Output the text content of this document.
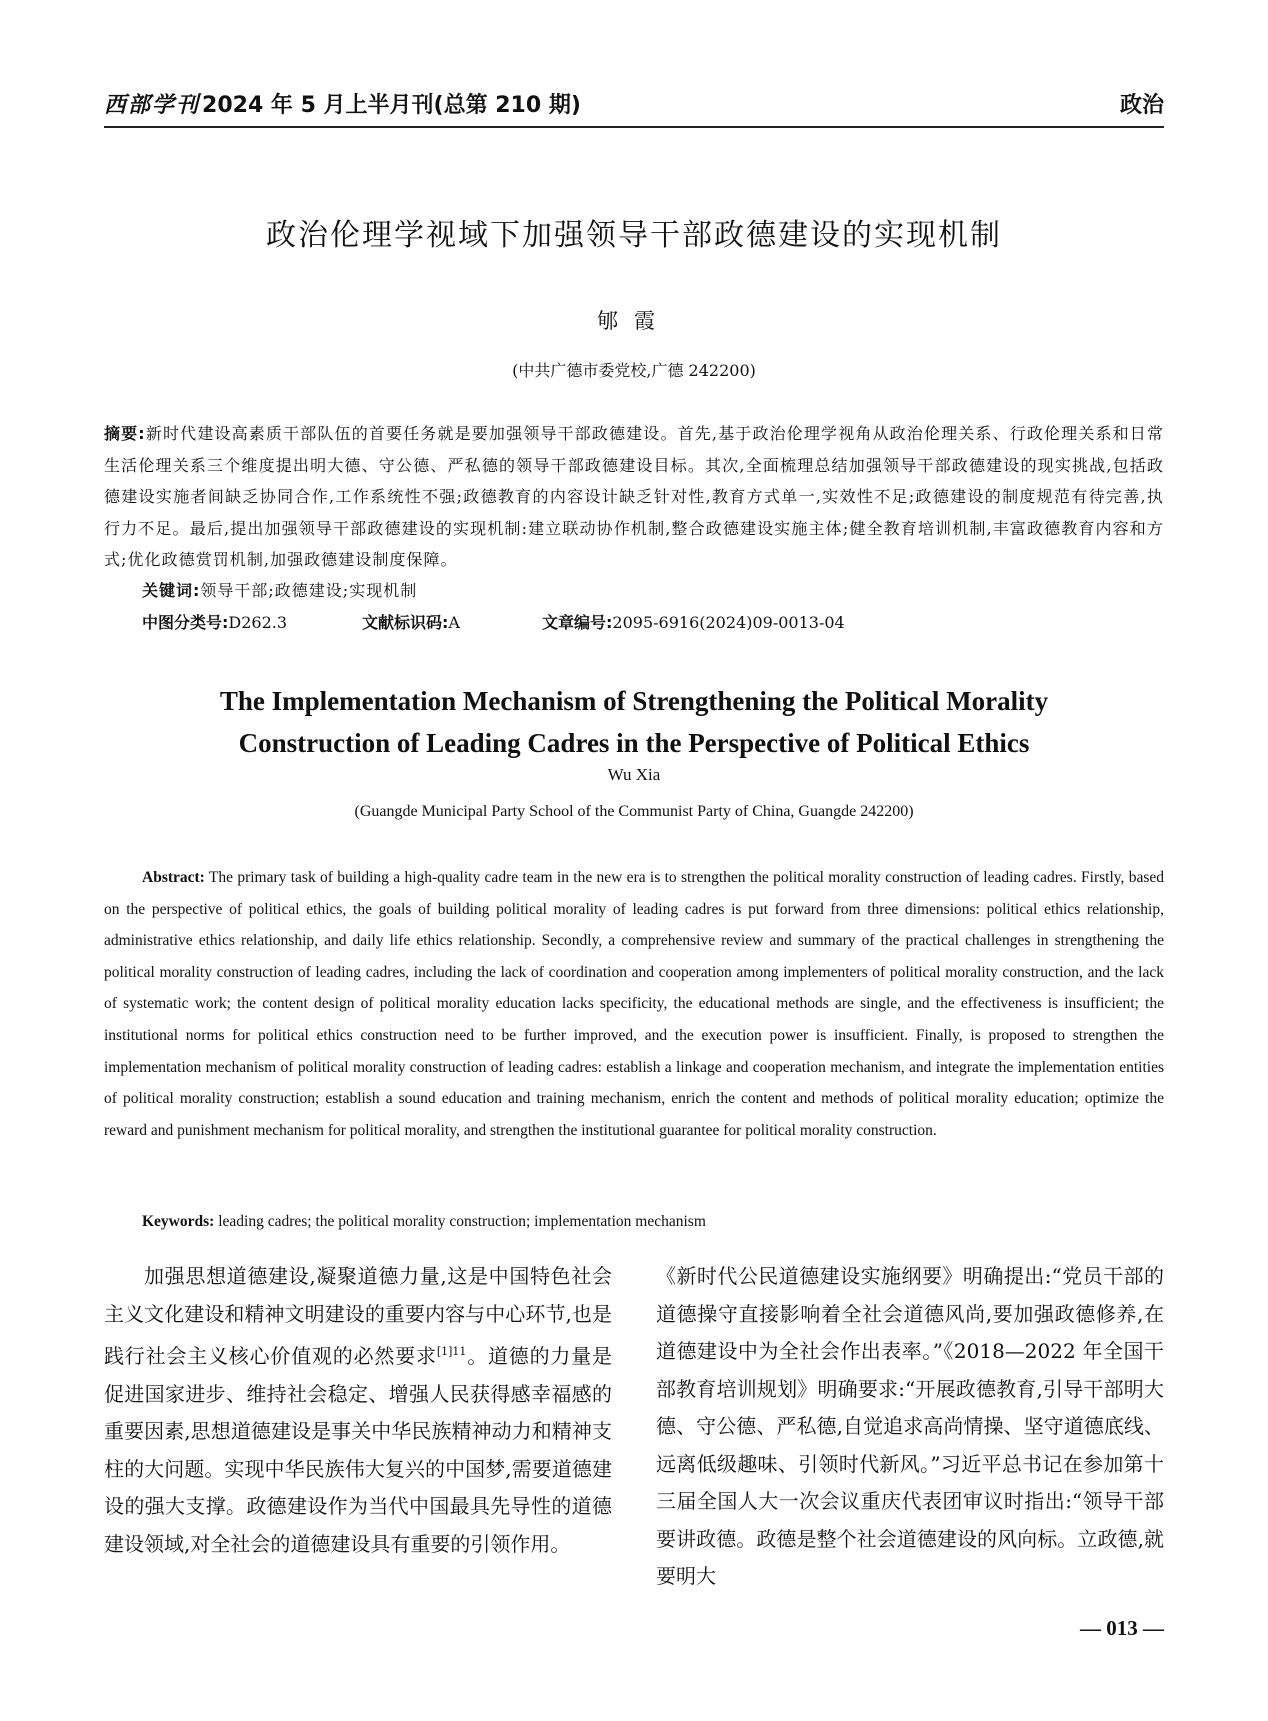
西部学刊2024 年 5 月上半月刊(总第 210 期)	政治
政治伦理学视域下加强领导干部政德建设的实现机制
郇霞
(中共广德市委党校,广德 242200)
摘要:新时代建设高素质干部队伍的首要任务就是要加强领导干部政德建设。首先,基于政治伦理学视角从政治伦理关系、行政伦理关系和日常生活伦理关系三个维度提出明大德、守公德、严私德的领导干部政德建设目标。其次,全面梳理总结加强领导干部政德建设的现实挑战,包括政德建设实施者间缺乏协同合作,工作系统性不强;政德教育的内容设计缺乏针对性,教育方式单一,实效性不足;政德建设的制度规范有待完善,执行力不足。最后,提出加强领导干部政德建设的实现机制:建立联动协作机制,整合政德建设实施主体;健全教育培训机制,丰富政德教育内容和方式;优化政德赏罚机制,加强政德建设制度保障。
关键词:领导干部;政德建设;实现机制
中图分类号:D262.3	文献标识码:A	文章编号:2095-6916(2024)09-0013-04
The Implementation Mechanism of Strengthening the Political Morality
Construction of Leading Cadres in the Perspective of Political Ethics
Wu Xia
(Guangde Municipal Party School of the Communist Party of China, Guangde 242200)
Abstract: The primary task of building a high-quality cadre team in the new era is to strengthen the political morality construction of leading cadres. Firstly, based on the perspective of political ethics, the goals of building political morality of leading cadres is put forward from three dimensions: political ethics relationship, administrative ethics relationship, and daily life ethics relationship. Secondly, a comprehensive review and summary of the practical challenges in strengthening the political morality construction of leading cadres, including the lack of coordination and cooperation among implementers of political morality construction, and the lack of systematic work; the content design of political morality education lacks specificity, the educational methods are single, and the effectiveness is insufficient; the institutional norms for political ethics construction need to be further improved, and the execution power is insufficient. Finally, is proposed to strengthen the implementation mechanism of political morality construction of leading cadres: establish a linkage and cooperation mechanism, and integrate the implementation entities of political morality construction; establish a sound education and training mechanism, enrich the content and methods of political morality education; optimize the reward and punishment mechanism for political morality, and strengthen the institutional guarantee for political morality construction.
Keywords: leading cadres; the political morality construction; implementation mechanism
加强思想道德建设,凝聚道德力量,这是中国特色社会主义文化建设和精神文明建设的重要内容与中心环节,也是践行社会主义核心价值观的必然要求$^{[1]11}$。道德的力量是促进国家进步、维持社会稳定、增强人民获得感幸福感的重要因素,思想道德建设是事关中华民族精神动力和精神支柱的大问题。实现中华民族伟大复兴的中国梦,需要道德建设的强大支撑。政德建设作为当代中国最具先导性的道德建设领域,对全社会的道德建设具有重要的引领作用。
《新时代公民道德建设实施纲要》明确提出:“党员干部的道德操守直接影响着全社会道德风尚,要加强政德修养,在道德建设中为全社会作出表率。”《2018—2022 年全国干部教育培训规划》明确要求:“开展政德教育,引导干部明大德、守公德、严私德,自觉追求高尚情操、坚守道德底线、远离低级趣味、引领时代新风。”习近平总书记在参加第十三届全国人大一次会议重庆代表团审议时指出:“领导干部要讲政德。政德是整个社会道德建设的风向标。立政德,就要明大
— 013 —
